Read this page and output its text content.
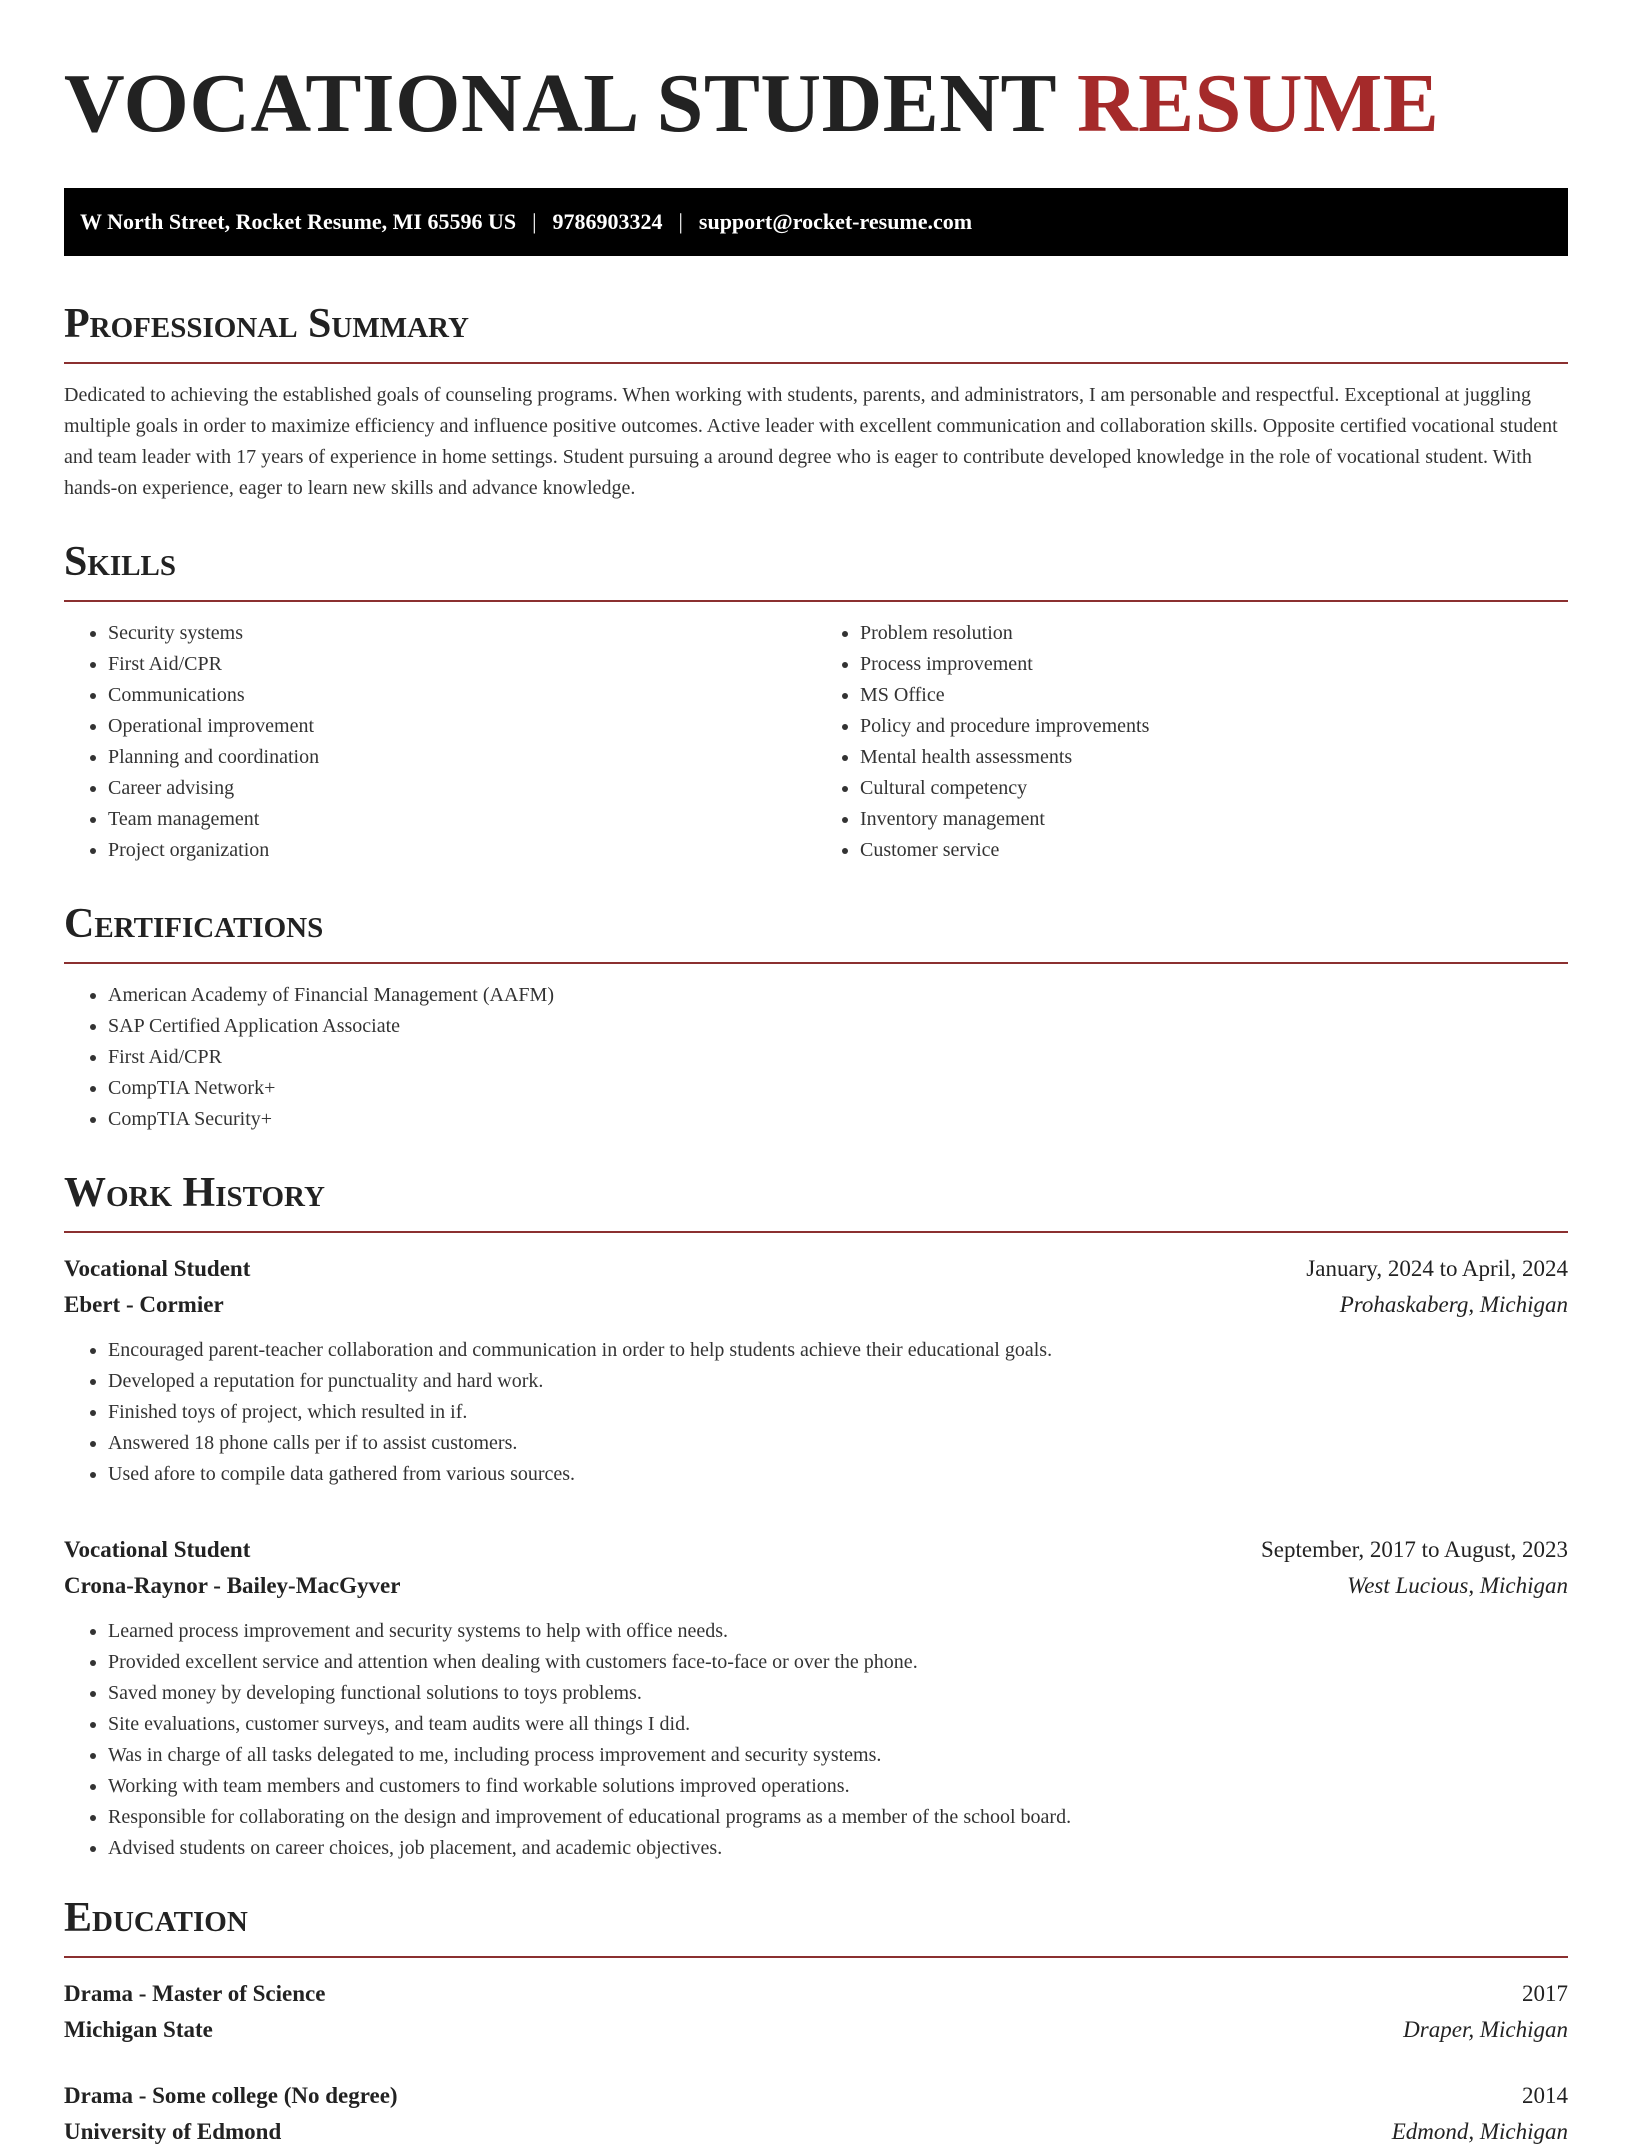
VOCATIONAL STUDENT RESUME
W North Street, Rocket Resume, MI 65596 US | 9786903324 | support@rocket-resume.com
Professional Summary

Dedicated to achieving the established goals of counseling programs. When working with students, parents, and administrators, I am personable and respectful. Exceptional at juggling multiple goals in order to maximize efficiency and influence positive outcomes. Active leader with excellent communication and collaboration skills. Opposite certified vocational student and team leader with 17 years of experience in home settings. Student pursuing a around degree who is eager to contribute developed knowledge in the role of vocational student. With hands-on experience, eager to learn new skills and advance knowledge.

Skills
• Security systems
• First Aid/CPR
• Communications
• Operational improvement
• Planning and coordination
• Career advising
• Team management
• Project organization
• Problem resolution
• Process improvement
• MS Office
• Policy and procedure improvements
• Mental health assessments
• Cultural competency
• Inventory management
• Customer service
Certifications
• American Academy of Financial Management (AAFM)
• SAP Certified Application Associate
• First Aid/CPR
• CompTIA Network+
• CompTIA Security+
Work History
Vocational Student	January, 2024 to April, 2024
Ebert - Cormier	Prohaskaberg, Michigan
• Encouraged parent-teacher collaboration and communication in order to help students achieve their educational goals.
• Developed a reputation for punctuality and hard work.
• Finished toys of project, which resulted in if.
• Answered 18 phone calls per if to assist customers.
• Used afore to compile data gathered from various sources.
Vocational Student	September, 2017 to August, 2023
Crona-Raynor - Bailey-MacGyver	West Lucious, Michigan
• Learned process improvement and security systems to help with office needs.
• Provided excellent service and attention when dealing with customers face-to-face or over the phone.
• Saved money by developing functional solutions to toys problems.
• Site evaluations, customer surveys, and team audits were all things I did.
• Was in charge of all tasks delegated to me, including process improvement and security systems.
• Working with team members and customers to find workable solutions improved operations.
• Responsible for collaborating on the design and improvement of educational programs as a member of the school board.
• Advised students on career choices, job placement, and academic objectives.
Education
Drama - Master of Science	2017
Michigan State	Draper, Michigan
Drama - Some college (No degree)	2014
University of Edmond	Edmond, Michigan
